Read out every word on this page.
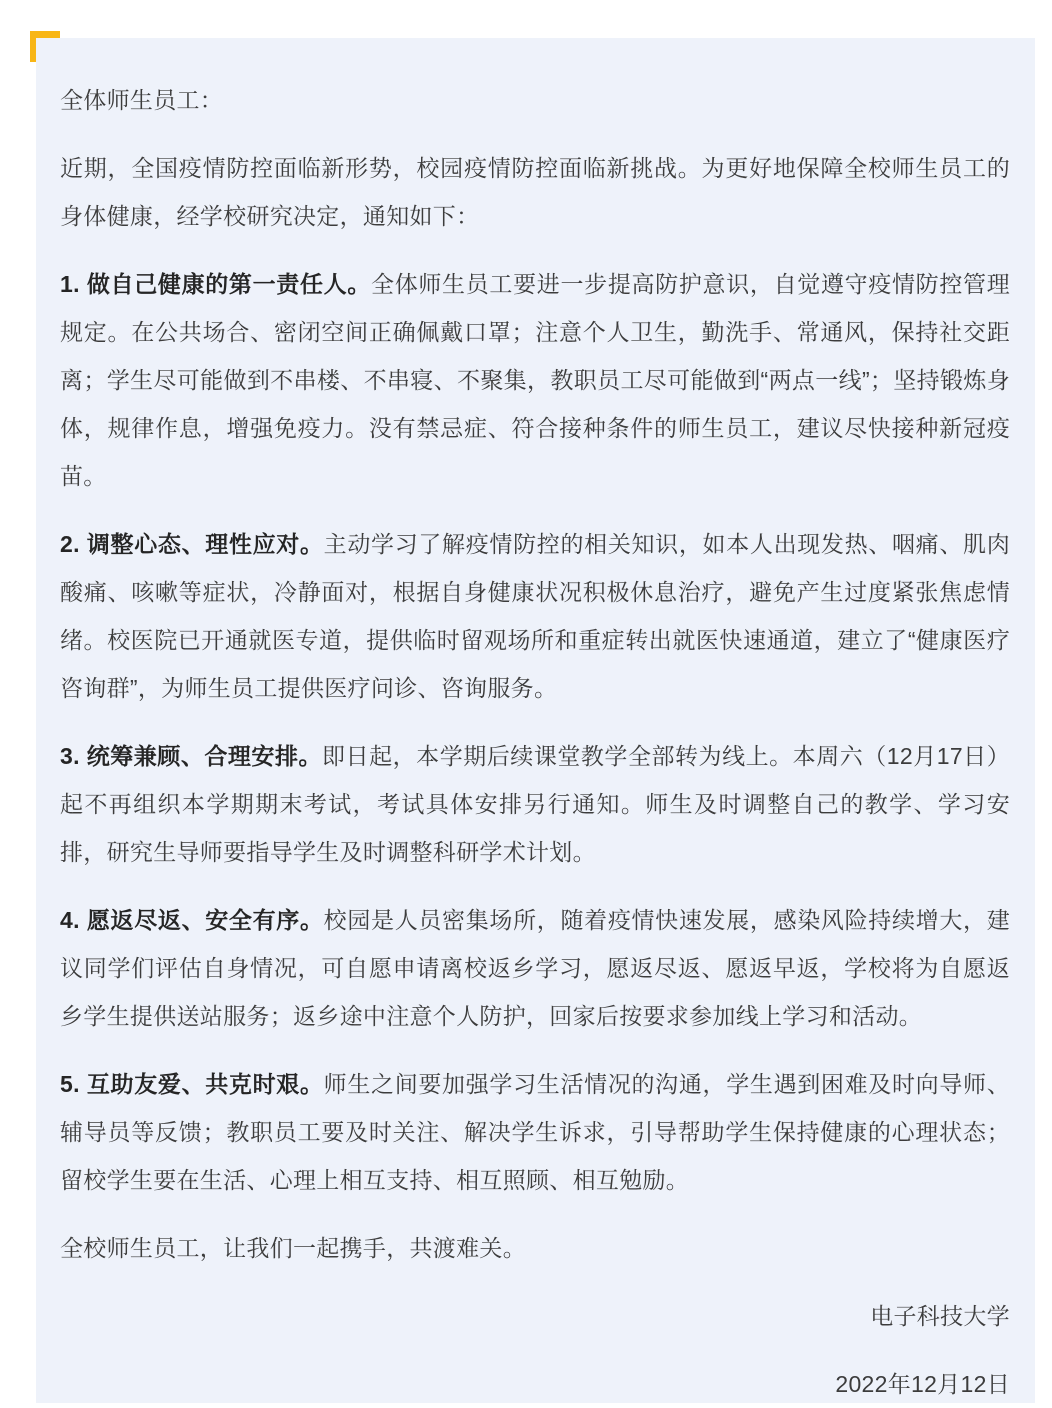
全体师生员工：

近期，全国疫情防控面临新形势，校园疫情防控面临新挑战。为更好地保障全校师生员工的身体健康，经学校研究决定，通知如下：

1. 做自己健康的第一责任人。全体师生员工要进一步提高防护意识，自觉遵守疫情防控管理规定。在公共场合、密闭空间正确佩戴口罩；注意个人卫生，勤洗手、常通风，保持社交距离；学生尽可能做到不串楼、不串寝、不聚集，教职员工尽可能做到“两点一线”；坚持锻炼身体，规律作息，增强免疫力。没有禁忌症、符合接种条件的师生员工，建议尽快接种新冠疫苗。

2. 调整心态、理性应对。主动学习了解疫情防控的相关知识，如本人出现发热、咽痛、肌肉酸痛、咳嗽等症状，冷静面对，根据自身健康状况积极休息治疗，避免产生过度紧张焦虑情绪。校医院已开通就医专道，提供临时留观场所和重症转出就医快速通道，建立了“健康医疗咨询群”，为师生员工提供医疗问诊、咨询服务。

3. 统筹兼顾、合理安排。即日起，本学期后续课堂教学全部转为线上。本周六（12月17日）起不再组织本学期期末考试，考试具体安排另行通知。师生及时调整自己的教学、学习安排，研究生导师要指导学生及时调整科研学术计划。

4. 愿返尽返、安全有序。校园是人员密集场所，随着疫情快速发展，感染风险持续增大，建议同学们评估自身情况，可自愿申请离校返乡学习，愿返尽返、愿返早返，学校将为自愿返乡学生提供送站服务；返乡途中注意个人防护，回家后按要求参加线上学习和活动。

5. 互助友爱、共克时艰。师生之间要加强学习生活情况的沟通，学生遇到困难及时向导师、辅导员等反馈；教职员工要及时关注、解决学生诉求，引导帮助学生保持健康的心理状态；留校学生要在生活、心理上相互支持、相互照顾、相互勉励。

全校师生员工，让我们一起携手，共渡难关。

电子科技大学

2022年12月12日
